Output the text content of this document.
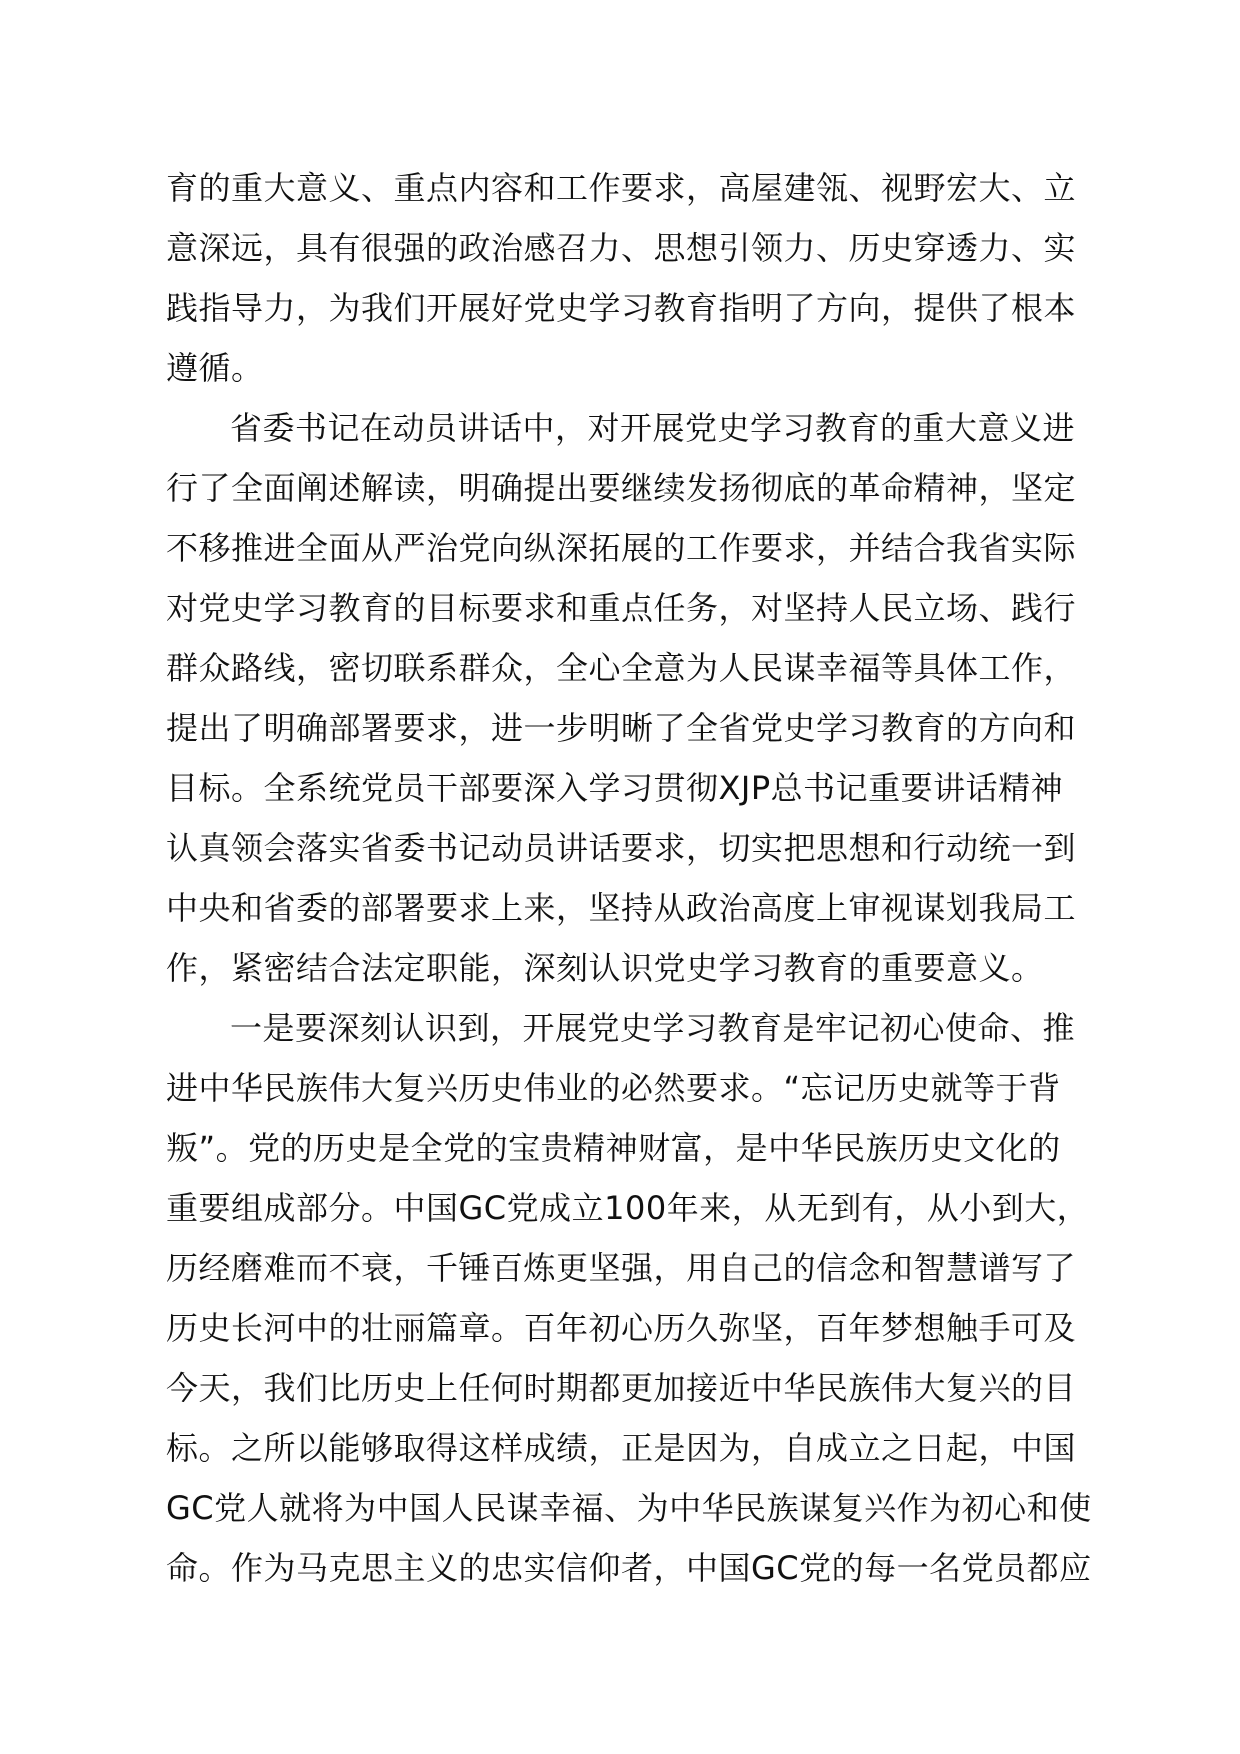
育的重大意义、重点内容和工作要求，高屋建瓴、视野宏大、立
意深远，具有很强的政治感召力、思想引领力、历史穿透力、实
践指导力，为我们开展好党史学习教育指明了方向，提供了根本
遵循。

省委书记在动员讲话中，对开展党史学习教育的重大意义进
行了全面阐述解读，明确提出要继续发扬彻底的革命精神，坚定
不移推进全面从严治党向纵深拓展的工作要求，并结合我省实际
对党史学习教育的目标要求和重点任务，对坚持人民立场、践行
群众路线，密切联系群众，全心全意为人民谋幸福等具体工作，
提出了明确部署要求，进一步明晰了全省党史学习教育的方向和
目标。全系统党员干部要深入学习贯彻XJP总书记重要讲话精神
认真领会落实省委书记动员讲话要求，切实把思想和行动统一到
中央和省委的部署要求上来，坚持从政治高度上审视谋划我局工
作，紧密结合法定职能，深刻认识党史学习教育的重要意义。

一是要深刻认识到，开展党史学习教育是牢记初心使命、推
进中华民族伟大复兴历史伟业的必然要求。“忘记历史就等于背
叛”。党的历史是全党的宝贵精神财富，是中华民族历史文化的
重要组成部分。中国GC党成立100年来，从无到有，从小到大，
历经磨难而不衰，千锤百炼更坚强，用自己的信念和智慧谱写了
历史长河中的壮丽篇章。百年初心历久弥坚，百年梦想触手可及
今天，我们比历史上任何时期都更加接近中华民族伟大复兴的目
标。之所以能够取得这样成绩，正是因为，自成立之日起，中国
GC党人就将为中国人民谋幸福、为中华民族谋复兴作为初心和使
命。作为马克思主义的忠实信仰者，中国GC党的每一名党员都应
